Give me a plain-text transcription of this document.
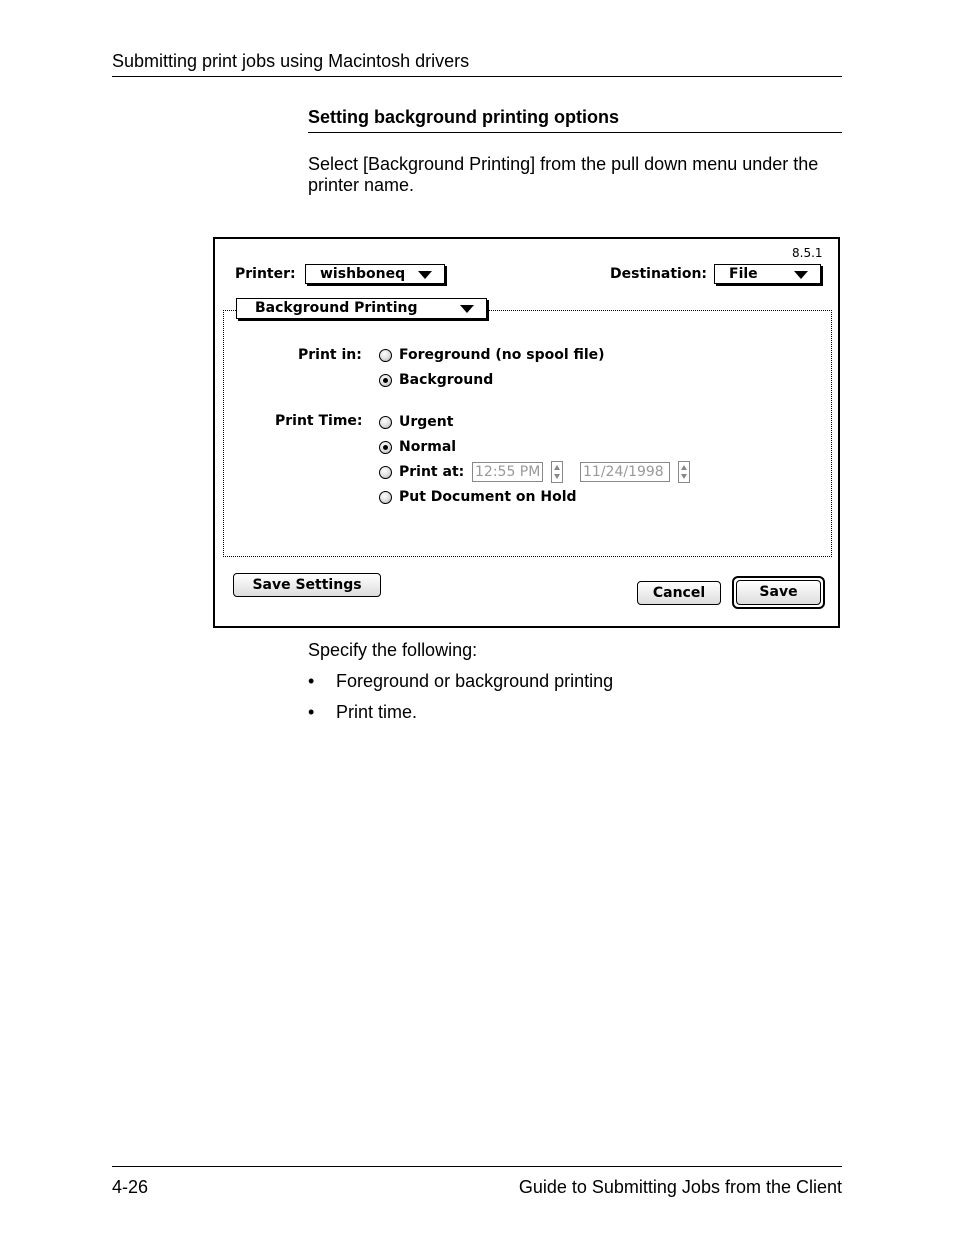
Submitting print jobs using Macintosh drivers
Setting background printing options
Select [Background Printing] from the pull down menu under the printer name.
8.5.1
Printer: wishboneq	Destination: File
Background Printing
Print in:	Foreground (no spool file)
Background
Print Time:	Urgent
Normal
Print at: 12:55 PM	11/24/1998
Put Document on Hold
Save Settings	Cancel	Save
Specify the following:
• Foreground or background printing
• Print time.
4-26	Guide to Submitting Jobs from the Client
